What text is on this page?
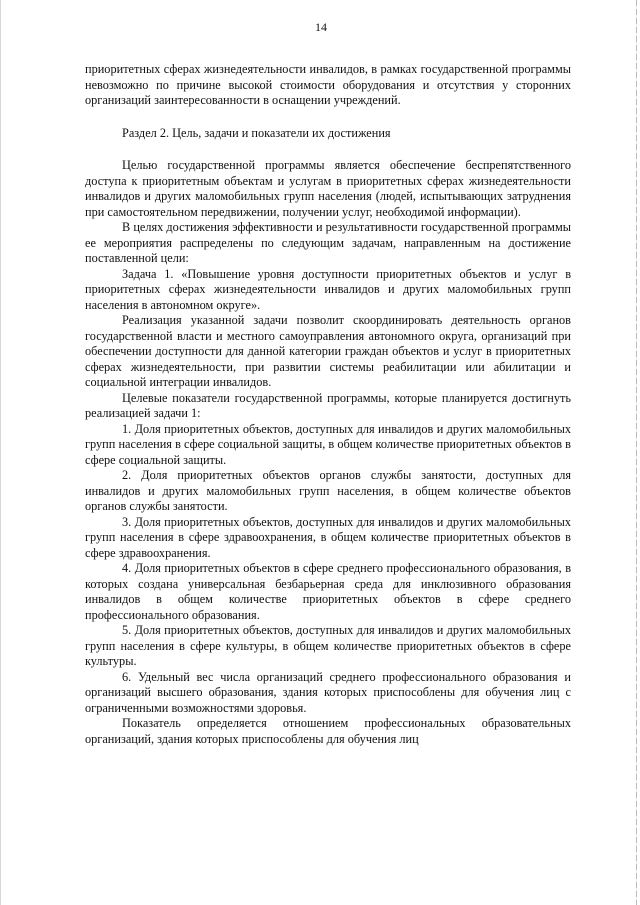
14

приоритетных сферах жизнедеятельности инвалидов, в рамках государственной программы невозможно по причине высокой стоимости оборудования и отсутствия у сторонних организаций заинтересованности в оснащении учреждений.

Раздел 2. Цель, задачи и показатели их достижения

Целью государственной программы является обеспечение беспрепятственного доступа к приоритетным объектам и услугам в приоритетных сферах жизнедеятельности инвалидов и других маломобильных групп населения (людей, испытывающих затруднения при самостоятельном передвижении, получении услуг, необходимой информации).

В целях достижения эффективности и результативности государственной программы ее мероприятия распределены по следующим задачам, направленным на достижение поставленной цели:

Задача 1. «Повышение уровня доступности приоритетных объектов и услуг в приоритетных сферах жизнедеятельности инвалидов и других маломобильных групп населения в автономном округе».

Реализация указанной задачи позволит скоординировать деятельность органов государственной власти и местного самоуправления автономного округа, организаций при обеспечении доступности для данной категории граждан объектов и услуг в приоритетных сферах жизнедеятельности, при развитии системы реабилитации или абилитации и социальной интеграции инвалидов.

Целевые показатели государственной программы, которые планируется достигнуть реализацией задачи 1:

1. Доля приоритетных объектов, доступных для инвалидов и других маломобильных групп населения в сфере социальной защиты, в общем количестве приоритетных объектов в сфере социальной защиты.

2. Доля приоритетных объектов органов службы занятости, доступных для инвалидов и других маломобильных групп населения, в общем количестве объектов органов службы занятости.

3. Доля приоритетных объектов, доступных для инвалидов и других маломобильных групп населения в сфере здравоохранения, в общем количестве приоритетных объектов в сфере здравоохранения.

4. Доля приоритетных объектов в сфере среднего профессионального образования, в которых создана универсальная безбарьерная среда для инклюзивного образования инвалидов в общем количестве приоритетных объектов в сфере среднего профессионального образования.

5. Доля приоритетных объектов, доступных для инвалидов и других маломобильных групп населения в сфере культуры, в общем количестве приоритетных объектов в сфере культуры.

6. Удельный вес числа организаций среднего профессионального образования и организаций высшего образования, здания которых приспособлены для обучения лиц с ограниченными возможностями здоровья.

Показатель определяется отношением профессиональных образовательных организаций, здания которых приспособлены для обучения лиц
